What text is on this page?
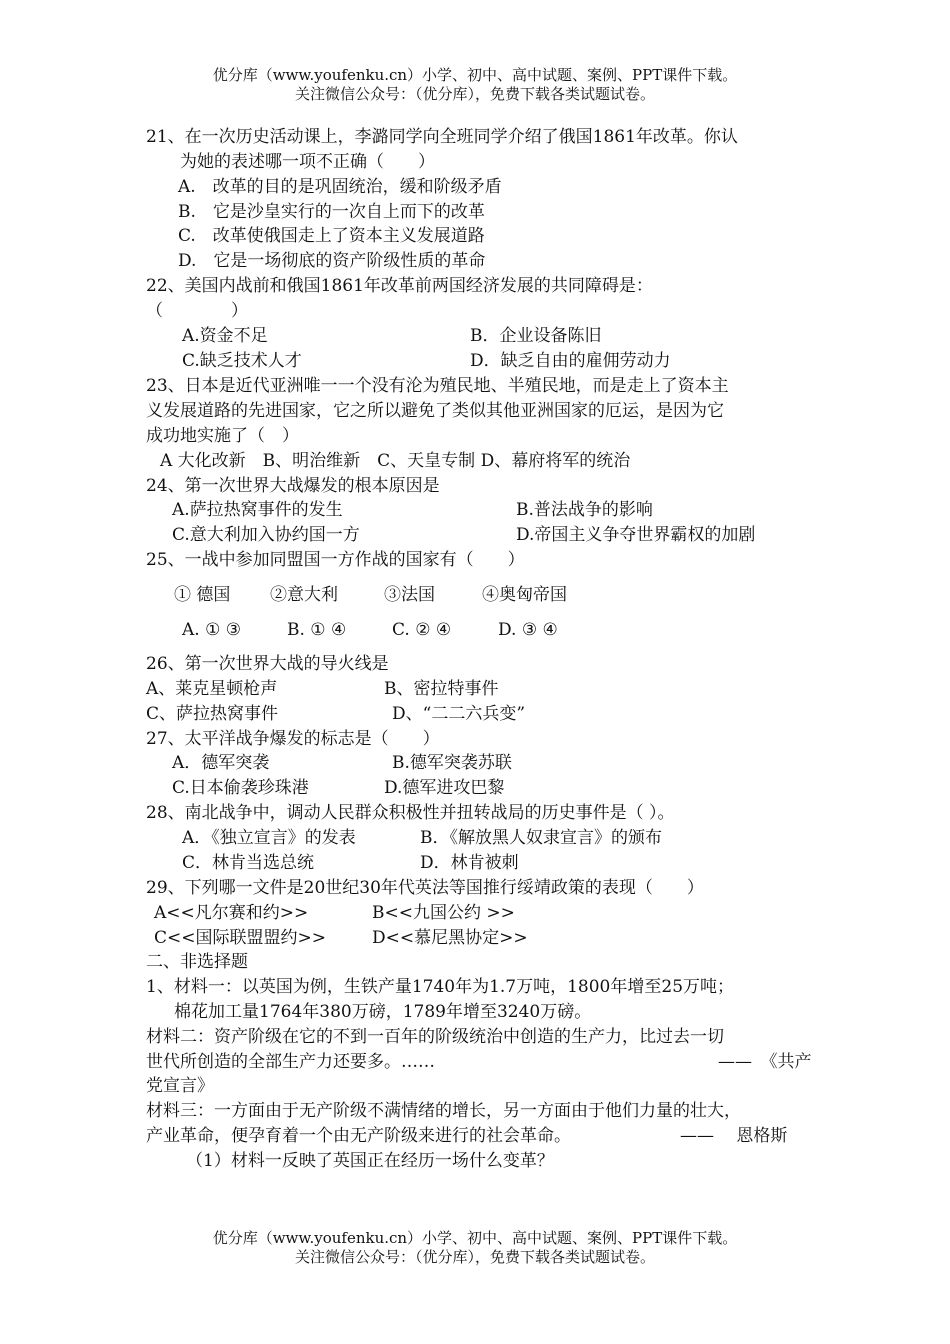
优分库（www.youfenku.cn）小学、初中、高中试题、案例、PPT课件下载。
关注微信公众号：（优分库），免费下载各类试题试卷。
21、在一次历史活动课上，李潞同学向全班同学介绍了俄国1861年改革。你认
为她的表述哪一项不正确（　　）
A.　改革的目的是巩固统治，缓和阶级矛盾
B.　它是沙皇实行的一次自上而下的改革
C.　改革使俄国走上了资本主义发展道路
D.　它是一场彻底的资产阶级性质的革命
22、美国内战前和俄国1861年改革前两国经济发展的共同障碍是：
（　　　　）
A.资金不足	B．企业设备陈旧
C.缺乏技术人才	D．缺乏自由的雇佣劳动力
23、日本是近代亚洲唯一一个没有沦为殖民地、半殖民地，而是走上了资本主
义发展道路的先进国家，它之所以避免了类似其他亚洲国家的厄运，是因为它
成功地实施了（　）
A 大化改新　B、明治维新　C、天皇专制 D、幕府将军的统治
24、第一次世界大战爆发的根本原因是
A.萨拉热窝事件的发生	B.普法战争的影响
C.意大利加入协约国一方	D.帝国主义争夺世界霸权的加剧
25、一战中参加同盟国一方作战的国家有（　　）
① 德国 ②意大利	③法国	④奥匈帝国
A. ① ③	B. ① ④	C. ② ④	D. ③ ④
26、第一次世界大战的导火线是
A、莱克星顿枪声	B、密拉特事件
C、萨拉热窝事件	D、“二二六兵变”
27、太平洋战争爆发的标志是（　　）
A．德军突袭	B.德军突袭苏联
C.日本偷袭珍珠港	D.德军进攻巴黎
28、南北战争中，调动人民群众积极性并扭转战局的历史事件是（ ）。
A．《独立宣言》的发表	B．《解放黑人奴隶宣言》的颁布
C．林肯当选总统	D．林肯被刺
29、下列哪一文件是20世纪30年代英法等国推行绥靖政策的表现（　　）
A<<凡尔赛和约>>	B<<九国公约 >>
C<<国际联盟盟约>>	D<<慕尼黑协定>>
二、非选择题
1、材料一：以英国为例，生铁产量1740年为1.7万吨，1800年增至25万吨；
棉花加工量1764年380万磅，1789年增至3240万磅。
材料二：资产阶级在它的不到一百年的阶级统治中创造的生产力，比过去一切
世代所创造的全部生产力还要多。……	——　《共产
党宣言》
材料三：一方面由于无产阶级不满情绪的增长，另一方面由于他们力量的壮大，
产业革命，便孕育着一个由无产阶级来进行的社会革命。	——　 恩格斯
（1）材料一反映了英国正在经历一场什么变革？
优分库（www.youfenku.cn）小学、初中、高中试题、案例、PPT课件下载。
关注微信公众号：（优分库），免费下载各类试题试卷。
